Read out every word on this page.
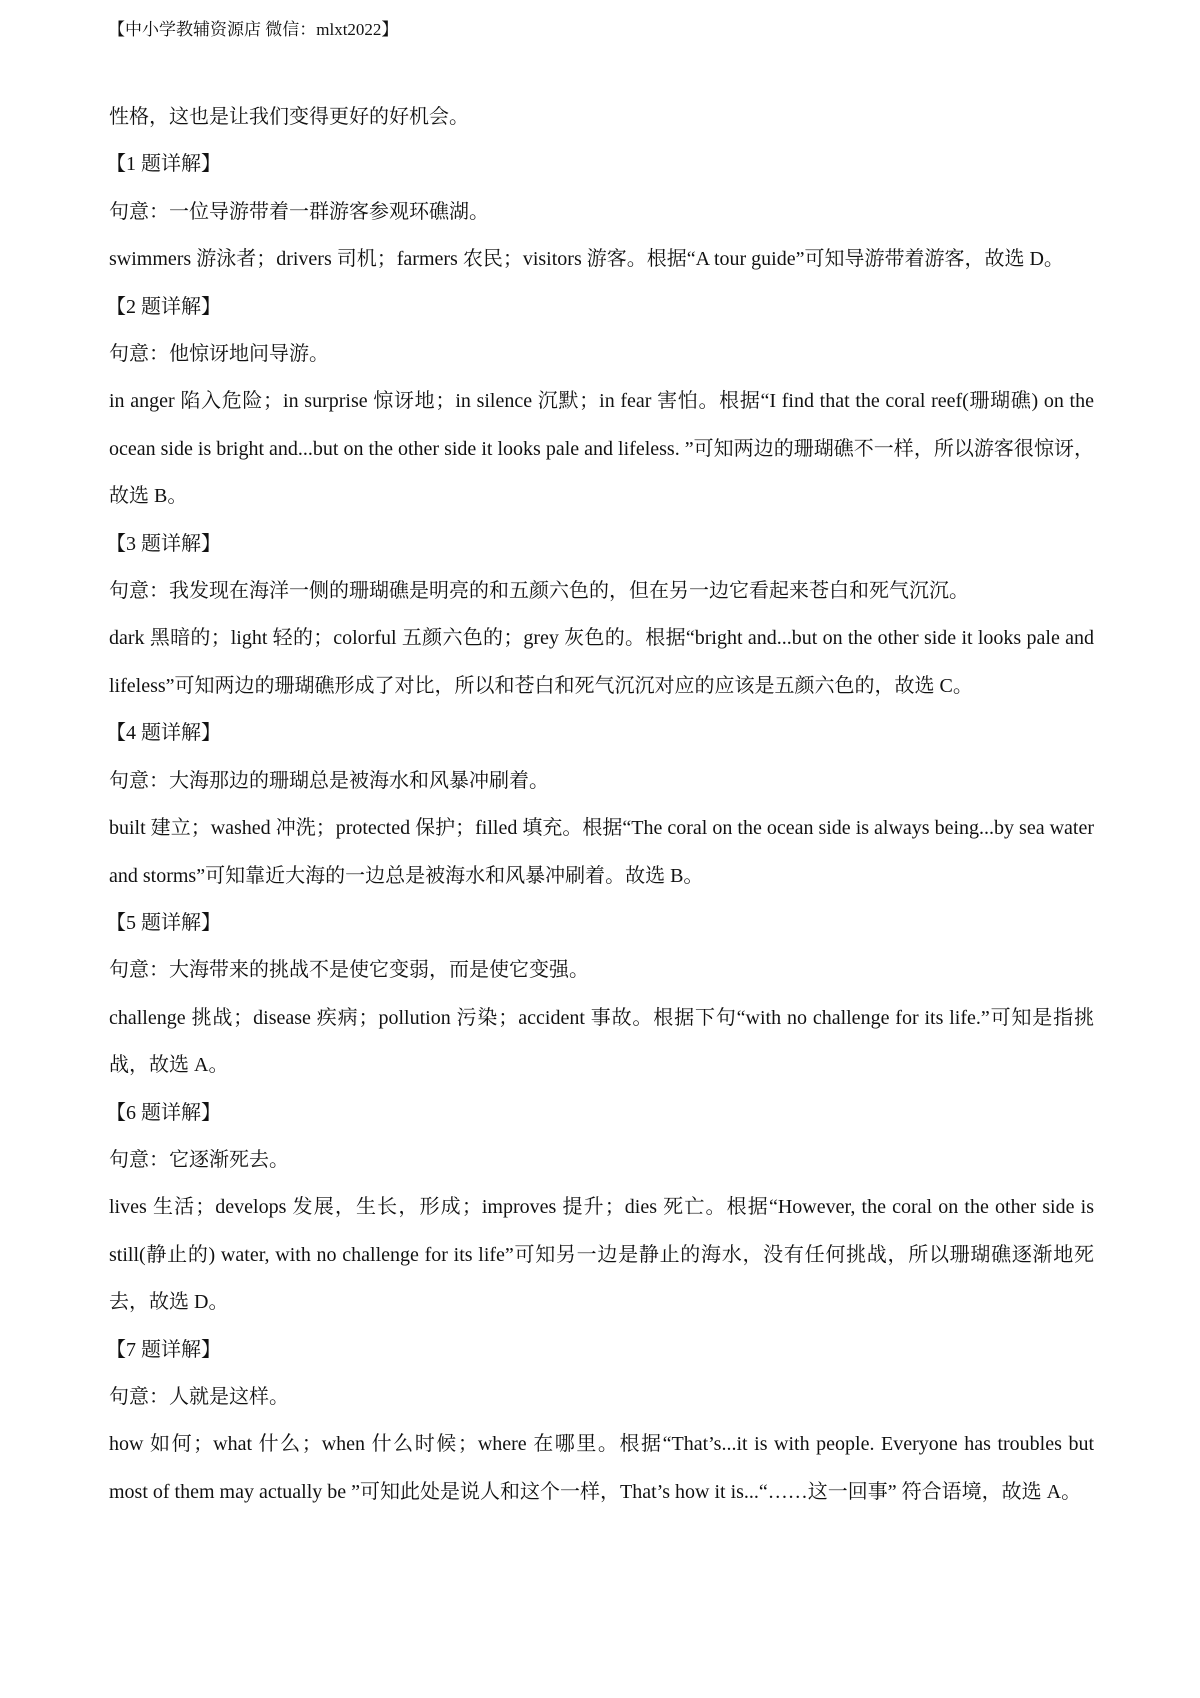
【中小学教辅资源店 微信：mlxt2022】

性格，这也是让我们变得更好的好机会。

【1 题详解】

句意：一位导游带着一群游客参观环礁湖。

swimmers 游泳者；drivers 司机；farmers 农民；visitors 游客。根据“A tour guide”可知导游带着游客，故选 D。

【2 题详解】

句意：他惊讶地问导游。

in anger 陷入危险；in surprise 惊讶地；in silence 沉默；in fear 害怕。根据“I find that the coral reef(珊瑚礁) on the ocean side is bright and...but on the other side it looks pale and lifeless. ”可知两边的珊瑚礁不一样，所以游客很惊讶，故选 B。

【3 题详解】

句意：我发现在海洋一侧的珊瑚礁是明亮的和五颜六色的，但在另一边它看起来苍白和死气沉沉。

dark 黑暗的；light 轻的；colorful 五颜六色的；grey 灰色的。根据“bright and...but on the other side it looks pale and lifeless”可知两边的珊瑚礁形成了对比，所以和苍白和死气沉沉对应的应该是五颜六色的，故选 C。

【4 题详解】

句意：大海那边的珊瑚总是被海水和风暴冲刷着。

built 建立；washed 冲洗；protected 保护；filled 填充。根据“The coral on the ocean side is always being...by sea water and storms”可知靠近大海的一边总是被海水和风暴冲刷着。故选 B。

【5 题详解】

句意：大海带来的挑战不是使它变弱，而是使它变强。

challenge 挑战；disease 疾病；pollution 污染；accident 事故。根据下句“with no challenge for its life.”可知是指挑战，故选 A。

【6 题详解】

句意：它逐渐死去。

lives 生活；develops 发展，生长，形成；improves 提升；dies 死亡。根据“However, the coral on the other side is still(静止的) water, with no challenge for its life”可知另一边是静止的海水，没有任何挑战，所以珊瑚礁逐渐地死去，故选 D。

【7 题详解】

句意：人就是这样。

how 如何；what 什么；when 什么时候；where 在哪里。根据“That’s...it is with people. Everyone has troubles but most of them may actually be ”可知此处是说人和这个一样，That’s how it is...“……这一回事” 符合语境，故选 A。
